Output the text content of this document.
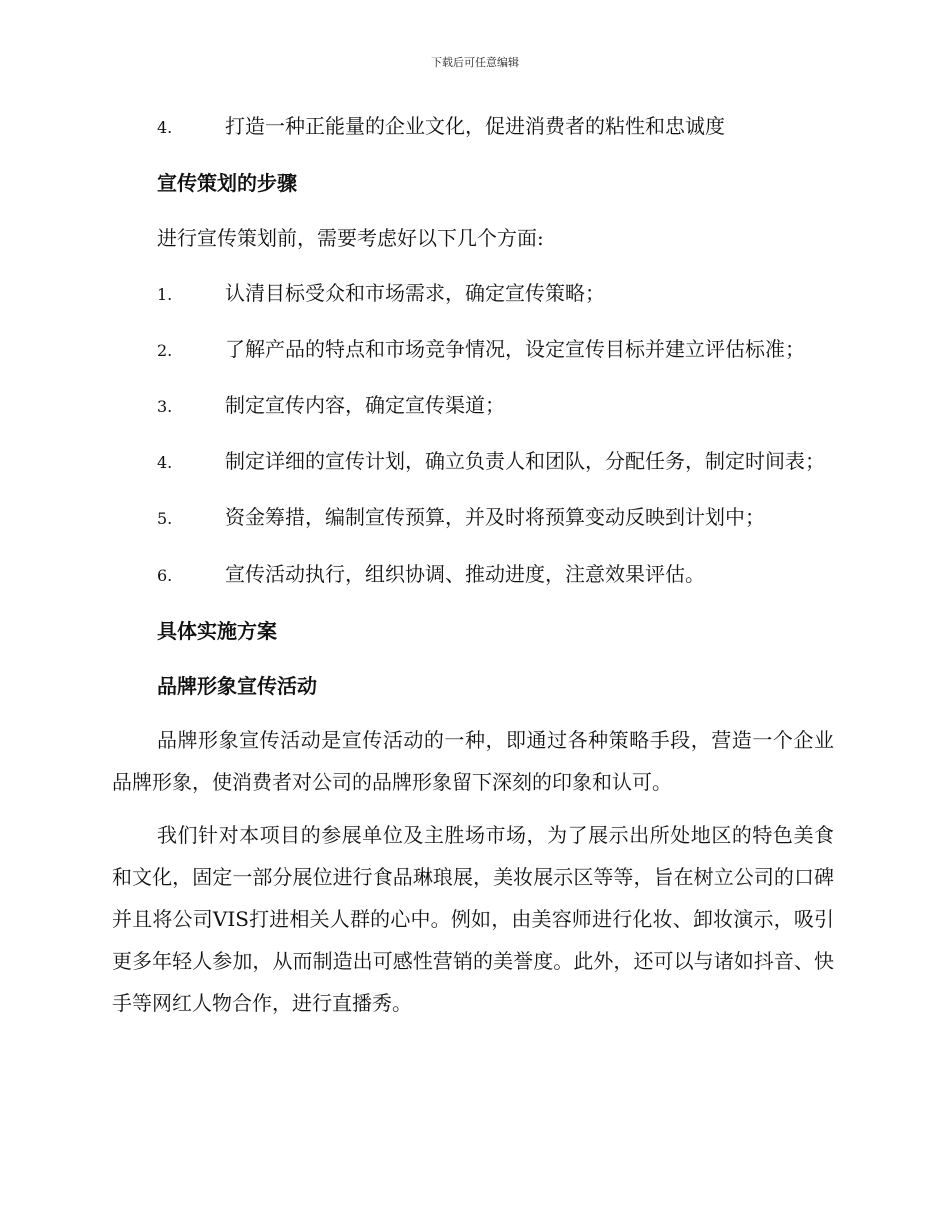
下载后可任意编辑
4.	打造一种正能量的企业文化，促进消费者的粘性和忠诚度
宣传策划的步骤
进行宣传策划前，需要考虑好以下几个方面:
1.	认清目标受众和市场需求，确定宣传策略；
2.	了解产品的特点和市场竞争情况，设定宣传目标并建立评估标准；
3.	制定宣传内容，确定宣传渠道；
4.	制定详细的宣传计划，确立负责人和团队，分配任务，制定时间表；
5.	资金筹措，编制宣传预算，并及时将预算变动反映到计划中；
6.	宣传活动执行，组织协调、推动进度，注意效果评估。
具体实施方案
品牌形象宣传活动
品牌形象宣传活动是宣传活动的一种，即通过各种策略手段，营造一个企业品牌形象，使消费者对公司的品牌形象留下深刻的印象和认可。
我们针对本项目的参展单位及主胜场市场，为了展示出所处地区的特色美食和文化，固定一部分展位进行食品琳琅展，美妆展示区等等，旨在树立公司的口碑并且将公司VIS打进相关人群的心中。例如，由美容师进行化妆、卸妆演示，吸引更多年轻人参加，从而制造出可感性营销的美誉度。此外，还可以与诸如抖音、快手等网红人物合作，进行直播秀。
